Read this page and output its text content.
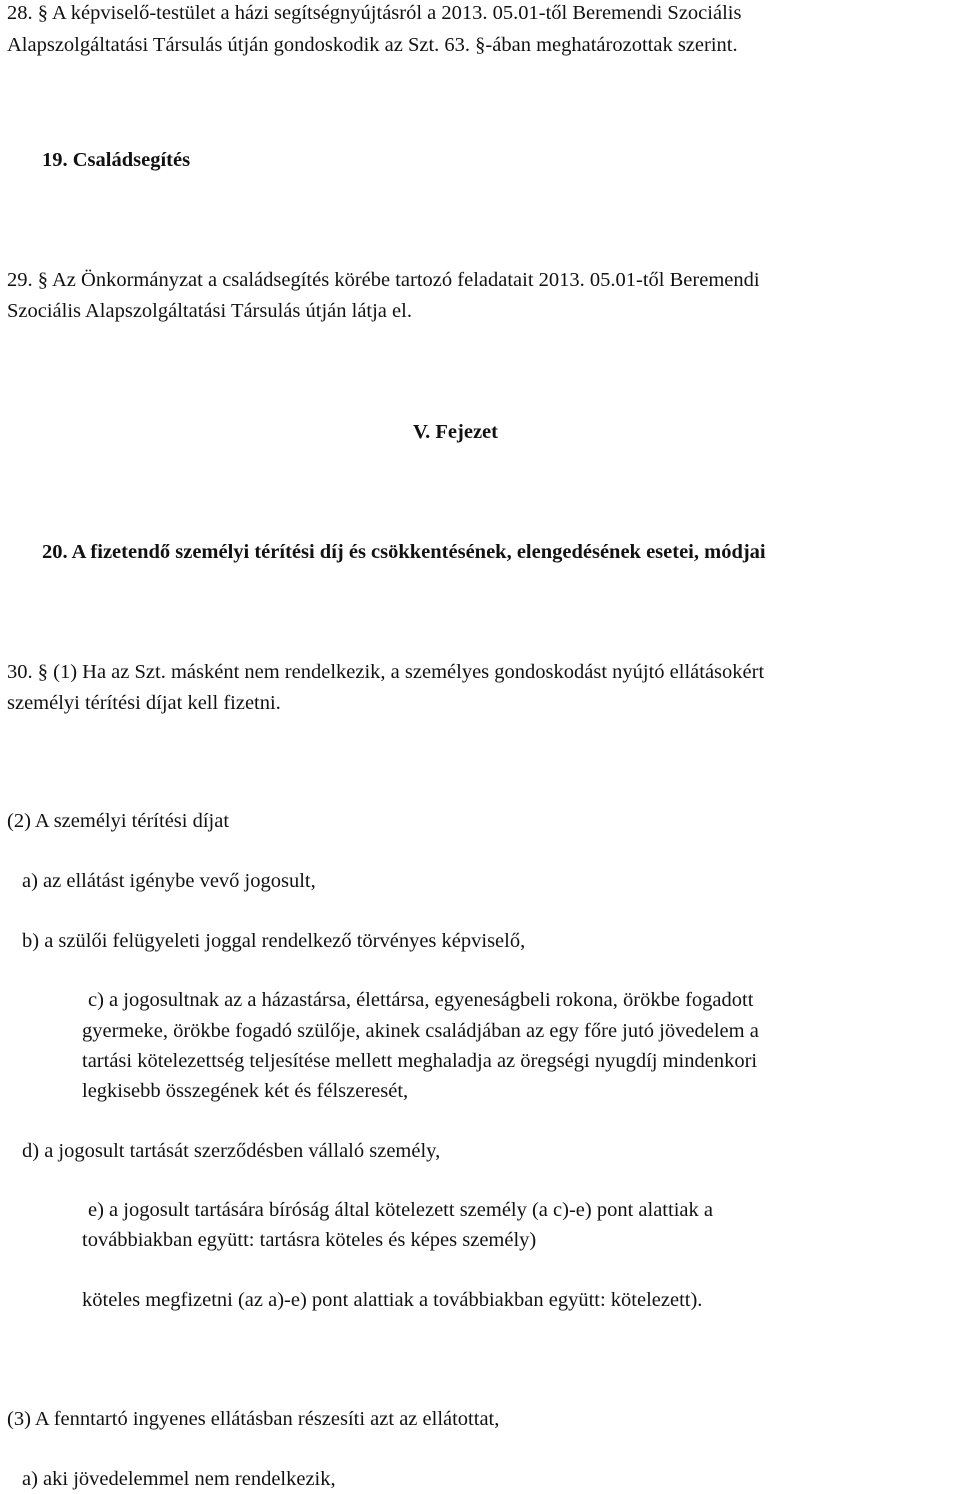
28. § A képviselő-testület a házi segítségnyújtásról a 2013. 05.01-től Beremendi Szociális
Alapszolgáltatási Társulás útján gondoskodik az Szt. 63. §-ában meghatározottak szerint.
19. Családsegítés
29. § Az Önkormányzat a családsegítés körébe tartozó feladatait 2013. 05.01-től Beremendi
Szociális Alapszolgáltatási Társulás útján látja el.
V. Fejezet
20. A fizetendő személyi térítési díj és csökkentésének, elengedésének esetei, módjai
30. § (1) Ha az Szt. másként nem rendelkezik, a személyes gondoskodást nyújtó ellátásokért
személyi térítési díjat kell fizetni.
(2) A személyi térítési díjat
a) az ellátást igénybe vevő jogosult,
b) a szülői felügyeleti joggal rendelkező törvényes képviselő,
c) a jogosultnak az a házastársa, élettársa, egyeneságbeli rokona, örökbe fogadott
gyermeke, örökbe fogadó szülője, akinek családjában az egy főre jutó jövedelem a
tartási kötelezettség teljesítése mellett meghaladja az öregségi nyugdíj mindenkori
legkisebb összegének két és félszeresét,
d) a jogosult tartását szerződésben vállaló személy,
e) a jogosult tartására bíróság által kötelezett személy (a c)-e) pont alattiak a
továbbiakban együtt: tartásra köteles és képes személy)
köteles megfizetni (az a)-e) pont alattiak a továbbiakban együtt: kötelezett).
(3) A fenntartó ingyenes ellátásban részesíti azt az ellátottat,
a) aki jövedelemmel nem rendelkezik,
